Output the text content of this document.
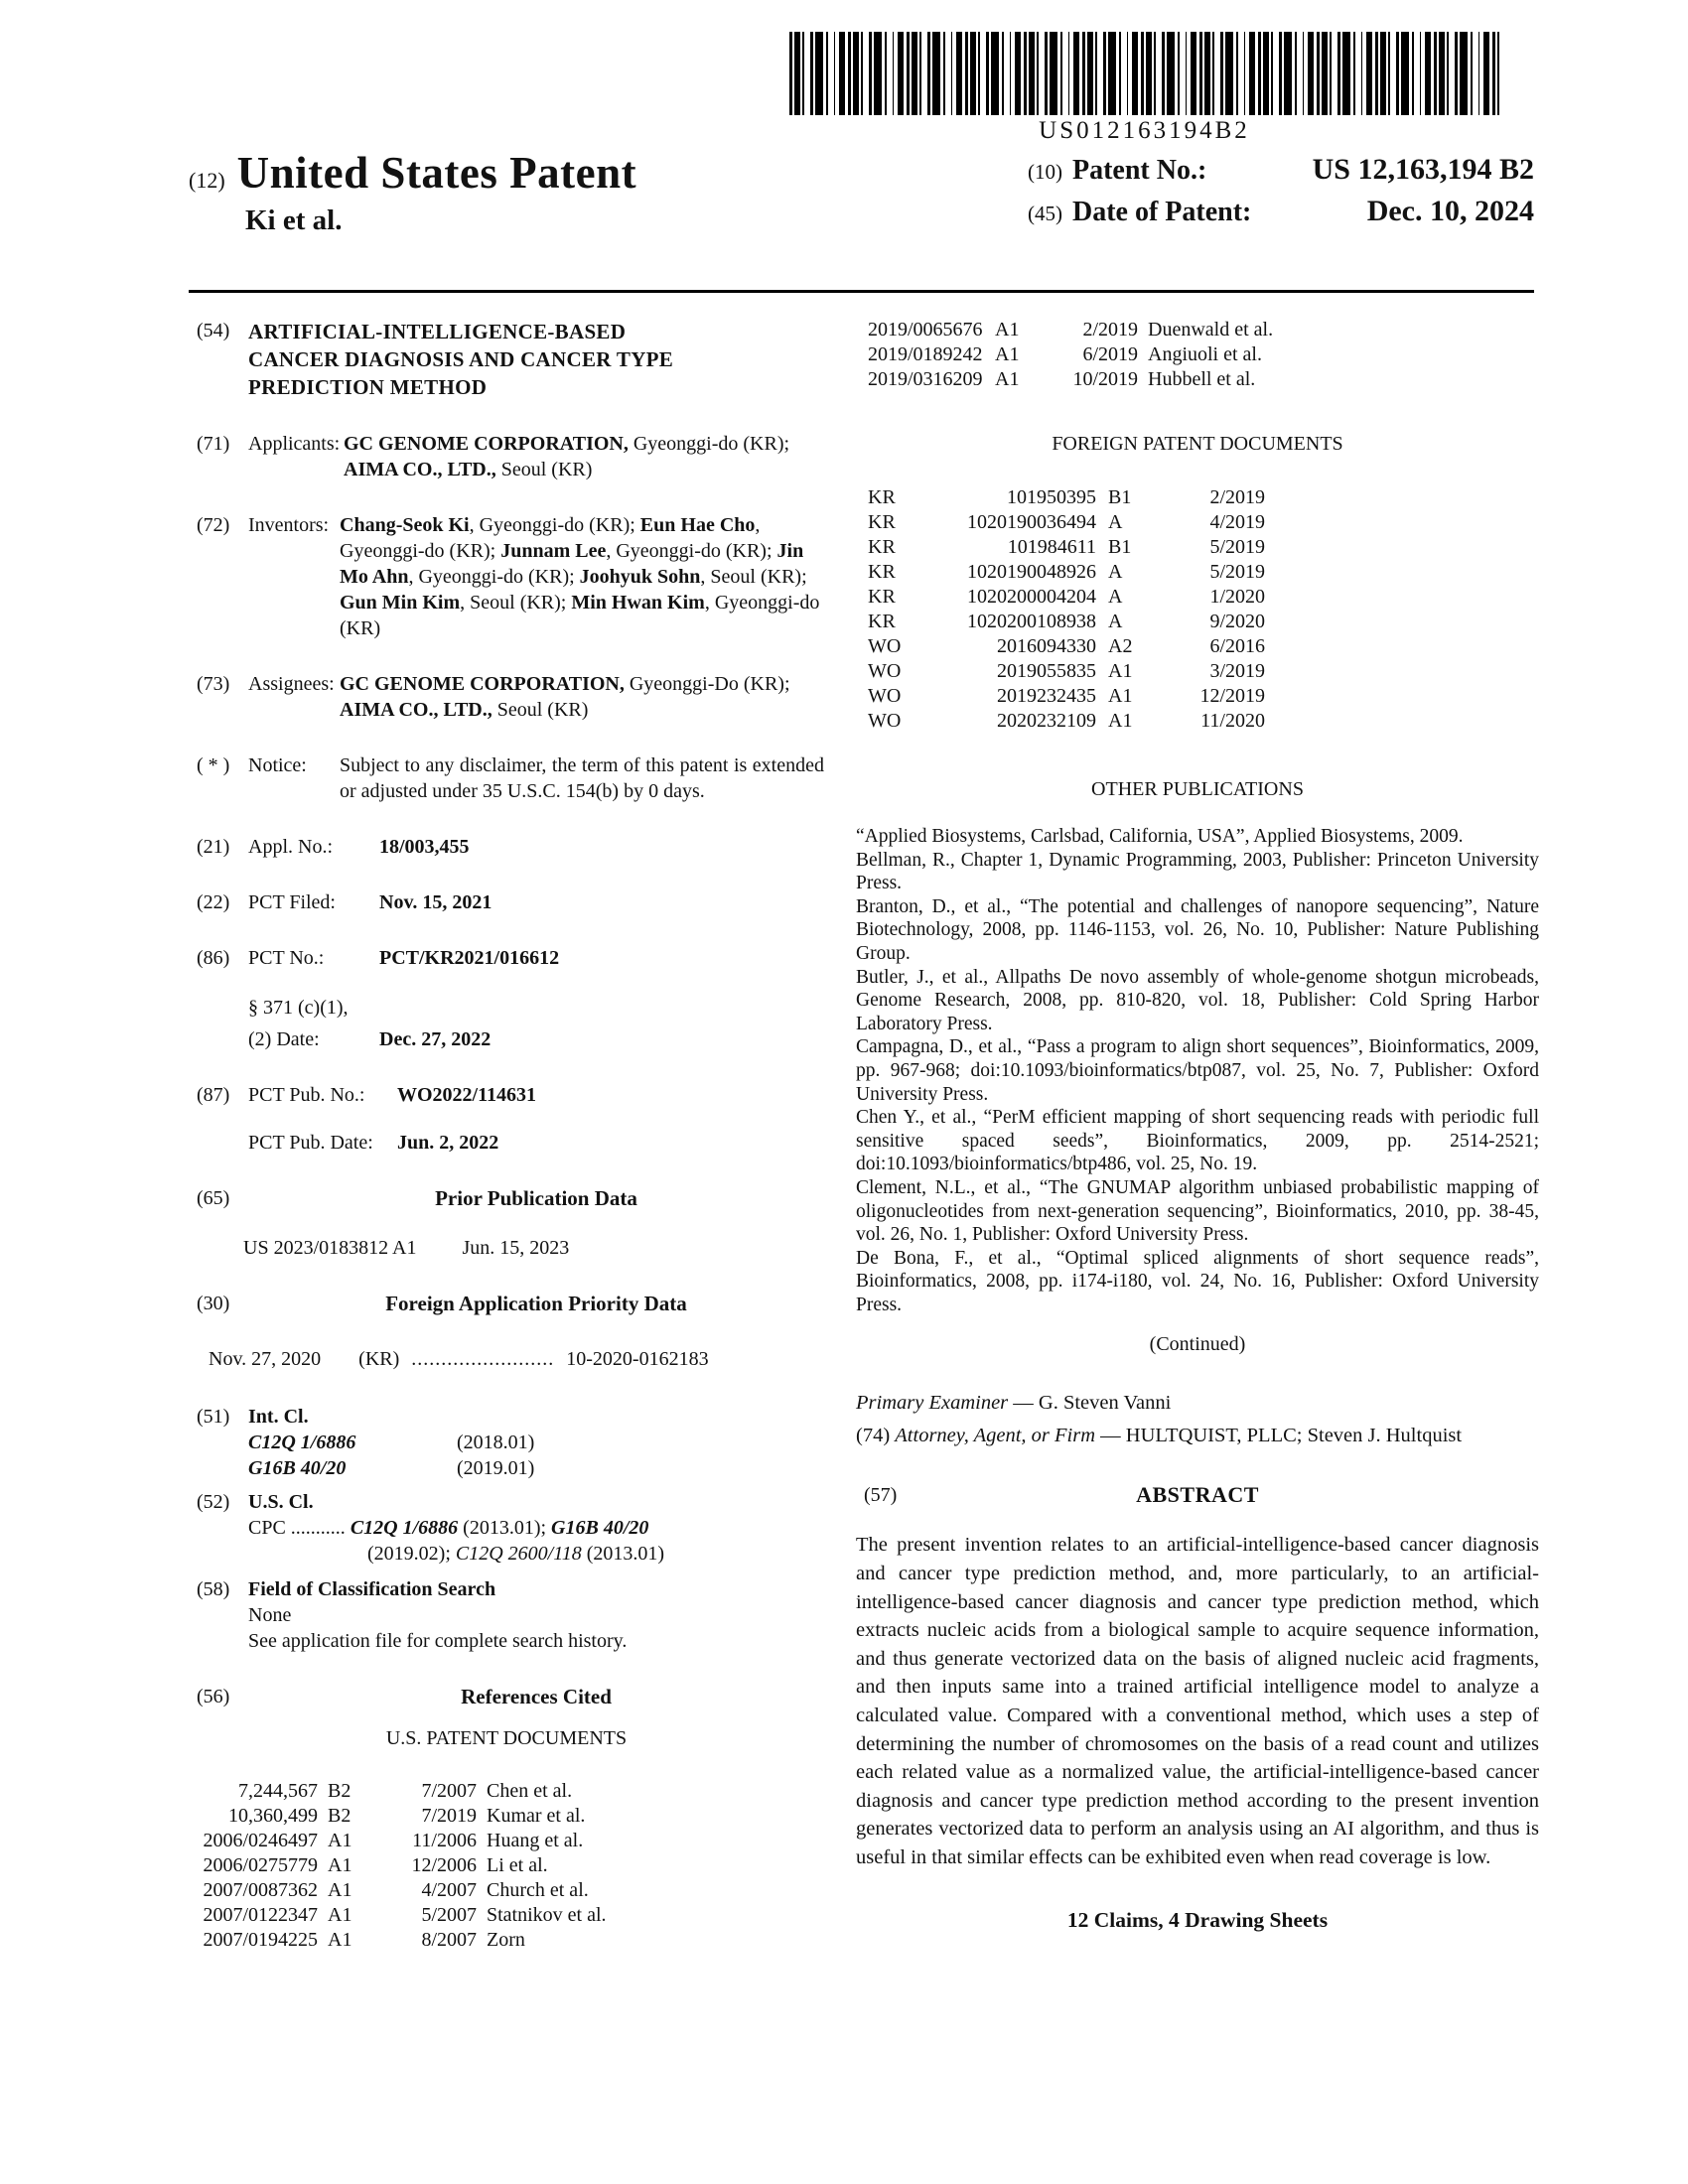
US012163194B2
(12) United States Patent
Ki et al.
(10) Patent No.:	US 12,163,194 B2
(45) Date of Patent:	Dec. 10, 2024
(54) ARTIFICIAL-INTELLIGENCE-BASED
CANCER DIAGNOSIS AND CANCER TYPE
PREDICTION METHOD
(71) Applicants: GC GENOME CORPORATION, Gyeonggi-do (KR); AIMA CO., LTD., Seoul (KR)
(72) Inventors: Chang-Seok Ki, Gyeonggi-do (KR); Eun Hae Cho, Gyeonggi-do (KR); Junnam Lee, Gyeonggi-do (KR); Jin Mo Ahn, Gyeonggi-do (KR); Joohyuk Sohn, Seoul (KR); Gun Min Kim, Seoul (KR); Min Hwan Kim, Gyeonggi-do (KR)
(73) Assignees: GC GENOME CORPORATION, Gyeonggi-Do (KR); AIMA CO., LTD., Seoul (KR)
( * ) Notice:	Subject to any disclaimer, the term of this patent is extended or adjusted under 35 U.S.C. 154(b) by 0 days.
(21) Appl. No.:	18/003,455
(22) PCT Filed:	Nov. 15, 2021
(86) PCT No.:	PCT/KR2021/016612
§ 371 (c)(1),
(2) Date:	Dec. 27, 2022
(87) PCT Pub. No.:	WO2022/114631
PCT Pub. Date:	Jun. 2, 2022
(65)	Prior Publication Data
US 2023/0183812 A1 Jun. 15, 2023
(30)	Foreign Application Priority Data
Nov. 27, 2020 (KR) ........................ 10-2020-0162183
(51) Int. Cl.
C12Q 1/6886	(2018.01)
G16B 40/20	(2019.01)
(52) U.S. Cl.
CPC ........... C12Q 1/6886 (2013.01); G16B 40/20
(2019.02); C12Q 2600/118 (2013.01)
(58) Field of Classification Search
None
See application file for complete search history.
(56)	References Cited
U.S. PATENT DOCUMENTS
7,244,567 B2	7/2007 Chen et al.
10,360,499 B2	7/2019 Kumar et al.
2006/0246497 A1	11/2006 Huang et al.
2006/0275779 A1	12/2006 Li et al.
2007/0087362 A1	4/2007 Church et al.
2007/0122347 A1	5/2007 Statnikov et al.
2007/0194225 A1	8/2007 Zorn
2019/0065676 A1	2/2019 Duenwald et al.
2019/0189242 A1	6/2019 Angiuoli et al.
2019/0316209 A1	10/2019 Hubbell et al.
FOREIGN PATENT DOCUMENTS
KR	101950395 B1	2/2019
KR	1020190036494 A	4/2019
KR	101984611 B1	5/2019
KR	1020190048926 A	5/2019
KR	1020200004204 A	1/2020
KR	1020200108938 A	9/2020
WO	2016094330 A2	6/2016
WO	2019055835 A1	3/2019
WO	2019232435 A1	12/2019
WO	2020232109 A1	11/2020
OTHER PUBLICATIONS

“Applied Biosystems, Carlsbad, California, USA”, Applied Biosystems, 2009.

Bellman, R., Chapter 1, Dynamic Programming, 2003, Publisher: Princeton University Press.

Branton, D., et al., “The potential and challenges of nanopore sequencing”, Nature Biotechnology, 2008, pp. 1146-1153, vol. 26, No. 10, Publisher: Nature Publishing Group.

Butler, J., et al., Allpaths De novo assembly of whole-genome shotgun microbeads, Genome Research, 2008, pp. 810-820, vol. 18, Publisher: Cold Spring Harbor Laboratory Press.

Campagna, D., et al., “Pass a program to align short sequences”, Bioinformatics, 2009, pp. 967-968; doi:10.1093/bioinformatics/btp087, vol. 25, No. 7, Publisher: Oxford University Press.

Chen Y., et al., “PerM efficient mapping of short sequencing reads with periodic full sensitive spaced seeds”, Bioinformatics, 2009, pp. 2514-2521; doi:10.1093/bioinformatics/btp486, vol. 25, No. 19.

Clement, N.L., et al., “The GNUMAP algorithm unbiased probabilistic mapping of oligonucleotides from next-generation sequencing”, Bioinformatics, 2010, pp. 38-45, vol. 26, No. 1, Publisher: Oxford University Press.

De Bona, F., et al., “Optimal spliced alignments of short sequence reads”, Bioinformatics, 2008, pp. i174-i180, vol. 24, No. 16, Publisher: Oxford University Press.

(Continued)
Primary Examiner — G. Steven Vanni
(74) Attorney, Agent, or Firm — HULTQUIST, PLLC; Steven J. Hultquist
(57)	ABSTRACT
The present invention relates to an artificial-intelligence-based cancer diagnosis and cancer type prediction method, and, more particularly, to an artificial-intelligence-based cancer diagnosis and cancer type prediction method, which extracts nucleic acids from a biological sample to acquire sequence information, and thus generate vectorized data on the basis of aligned nucleic acid fragments, and then inputs same into a trained artificial intelligence model to analyze a calculated value. Compared with a conventional method, which uses a step of determining the number of chromosomes on the basis of a read count and utilizes each related value as a normalized value, the artificial-intelligence-based cancer diagnosis and cancer type prediction method according to the present invention generates vectorized data to perform an analysis using an AI algorithm, and thus is useful in that similar effects can be exhibited even when read coverage is low.
12 Claims, 4 Drawing Sheets
